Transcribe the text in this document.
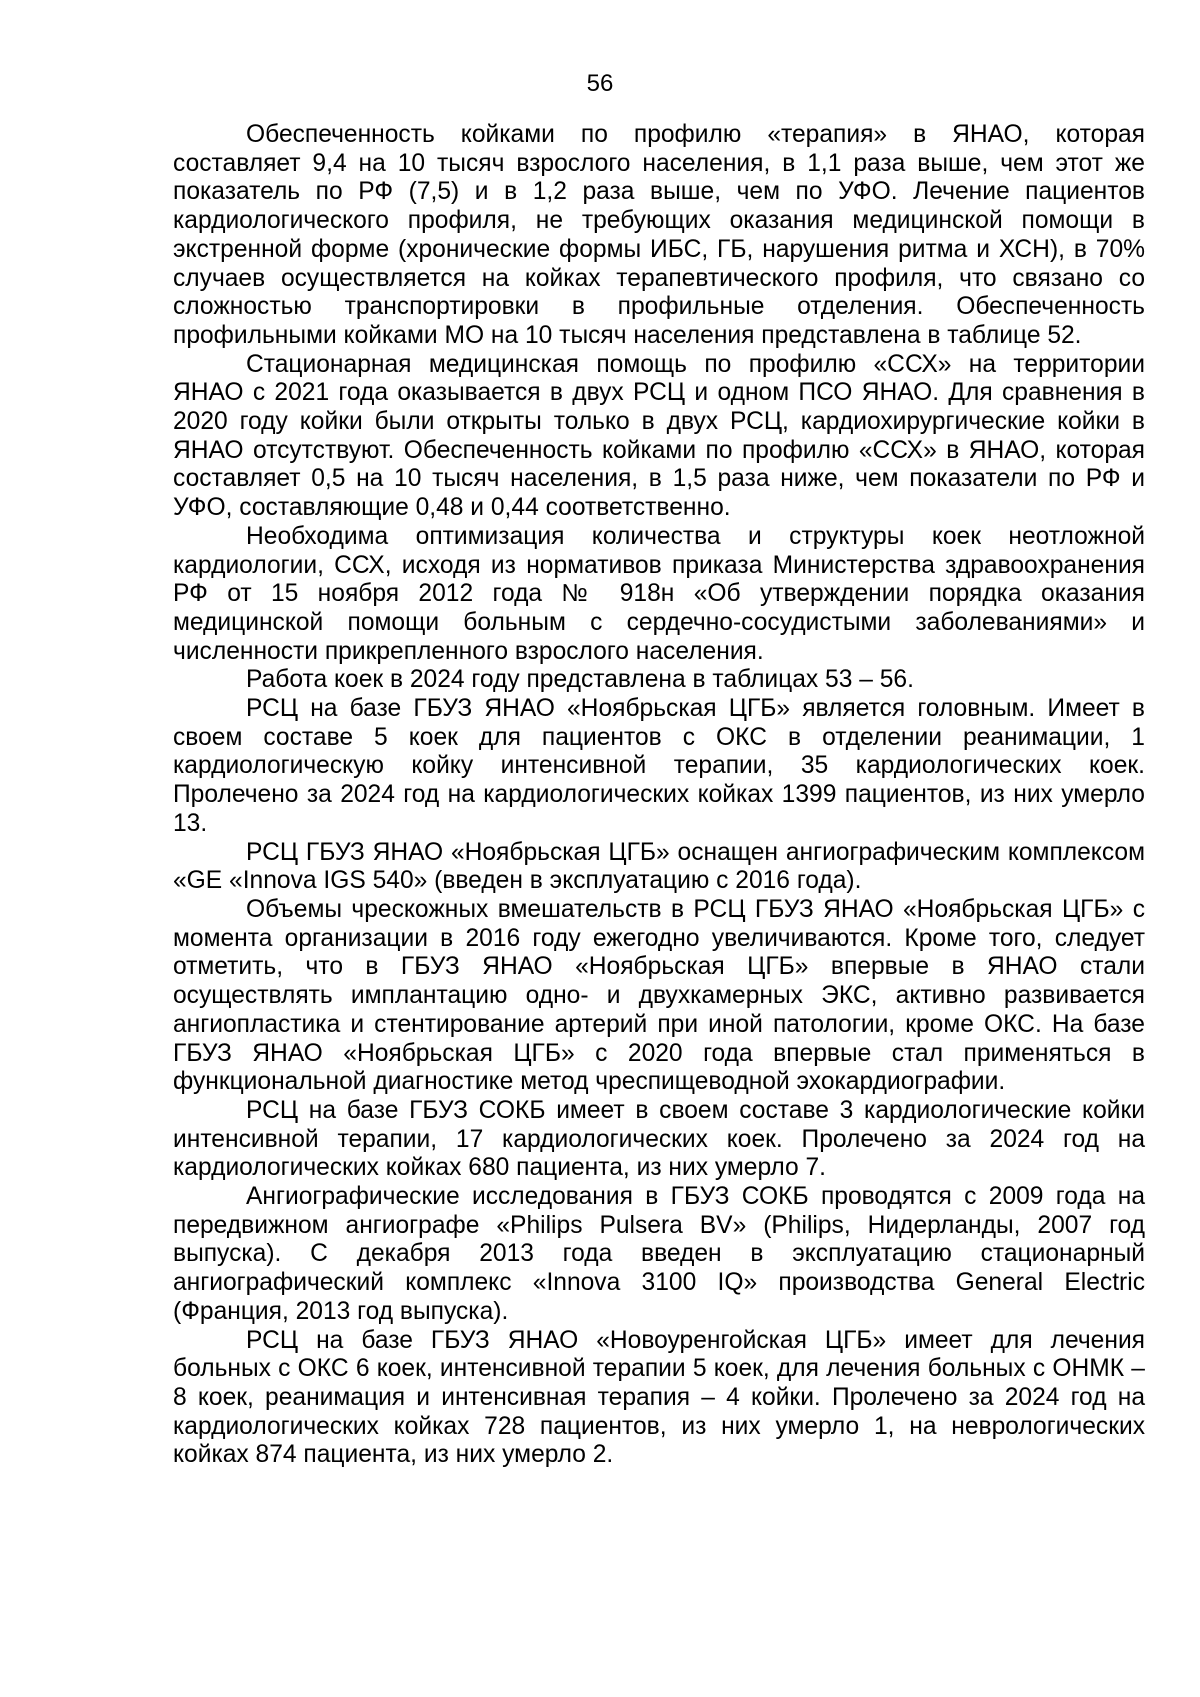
56

Обеспеченность койками по профилю «терапия» в ЯНАО, которая составляет 9,4 на 10 тысяч взрослого населения, в 1,1 раза выше, чем этот же показатель по РФ (7,5) и в 1,2 раза выше, чем по УФО. Лечение пациентов кардиологического профиля, не требующих оказания медицинской помощи в экстренной форме (хронические формы ИБС, ГБ, нарушения ритма и ХСН), в 70% случаев осуществляется на койках терапевтического профиля, что связано со сложностью транспортировки в профильные отделения. Обеспеченность профильными койками МО на 10 тысяч населения представлена в таблице 52.

Стационарная медицинская помощь по профилю «ССХ» на территории ЯНАО с 2021 года оказывается в двух РСЦ и одном ПСО ЯНАО. Для сравнения в 2020 году койки были открыты только в двух РСЦ, кардиохирургические койки в ЯНАО отсутствуют. Обеспеченность койками по профилю «ССХ» в ЯНАО, которая составляет 0,5 на 10 тысяч населения, в 1,5 раза ниже, чем показатели по РФ и УФО, составляющие 0,48 и 0,44 соответственно.

Необходима оптимизация количества и структуры коек неотложной кардиологии, ССХ, исходя из нормативов приказа Министерства здравоохранения РФ от 15 ноября 2012 года № 918н «Об утверждении порядка оказания медицинской помощи больным с сердечно-сосудистыми заболеваниями» и численности прикрепленного взрослого населения.

Работа коек в 2024 году представлена в таблицах 53 – 56.

РСЦ на базе ГБУЗ ЯНАО «Ноябрьская ЦГБ» является головным. Имеет в своем составе 5 коек для пациентов с ОКС в отделении реанимации, 1 кардиологическую койку интенсивной терапии, 35 кардиологических коек. Пролечено за 2024 год на кардиологических койках 1399 пациентов, из них умерло 13.

РСЦ ГБУЗ ЯНАО «Ноябрьская ЦГБ» оснащен ангиографическим комплексом «GE «Innova IGS 540» (введен в эксплуатацию с 2016 года).

Объемы чрескожных вмешательств в РСЦ ГБУЗ ЯНАО «Ноябрьская ЦГБ» с момента организации в 2016 году ежегодно увеличиваются. Кроме того, следует отметить, что в ГБУЗ ЯНАО «Ноябрьская ЦГБ» впервые в ЯНАО стали осуществлять имплантацию одно- и двухкамерных ЭКС, активно развивается ангиопластика и стентирование артерий при иной патологии, кроме ОКС. На базе ГБУЗ ЯНАО «Ноябрьская ЦГБ» с 2020 года впервые стал применяться в функциональной диагностике метод чреспищеводной эхокардиографии.

РСЦ на базе ГБУЗ СОКБ имеет в своем составе 3 кардиологические койки интенсивной терапии, 17 кардиологических коек. Пролечено за 2024 год на кардиологических койках 680 пациента, из них умерло 7.

Ангиографические исследования в ГБУЗ СОКБ проводятся с 2009 года на передвижном ангиографе «Philips Pulsera BV» (Philips, Нидерланды, 2007 год выпуска). С декабря 2013 года введен в эксплуатацию стационарный ангиографический комплекс «Innova 3100 IQ» производства General Electric (Франция, 2013 год выпуска).

РСЦ на базе ГБУЗ ЯНАО «Новоуренгойская ЦГБ» имеет для лечения больных с ОКС 6 коек, интенсивной терапии 5 коек, для лечения больных с ОНМК – 8 коек, реанимация и интенсивная терапия – 4 койки. Пролечено за 2024 год на кардиологических койках 728 пациентов, из них умерло 1, на неврологических койках 874 пациента, из них умерло 2.
